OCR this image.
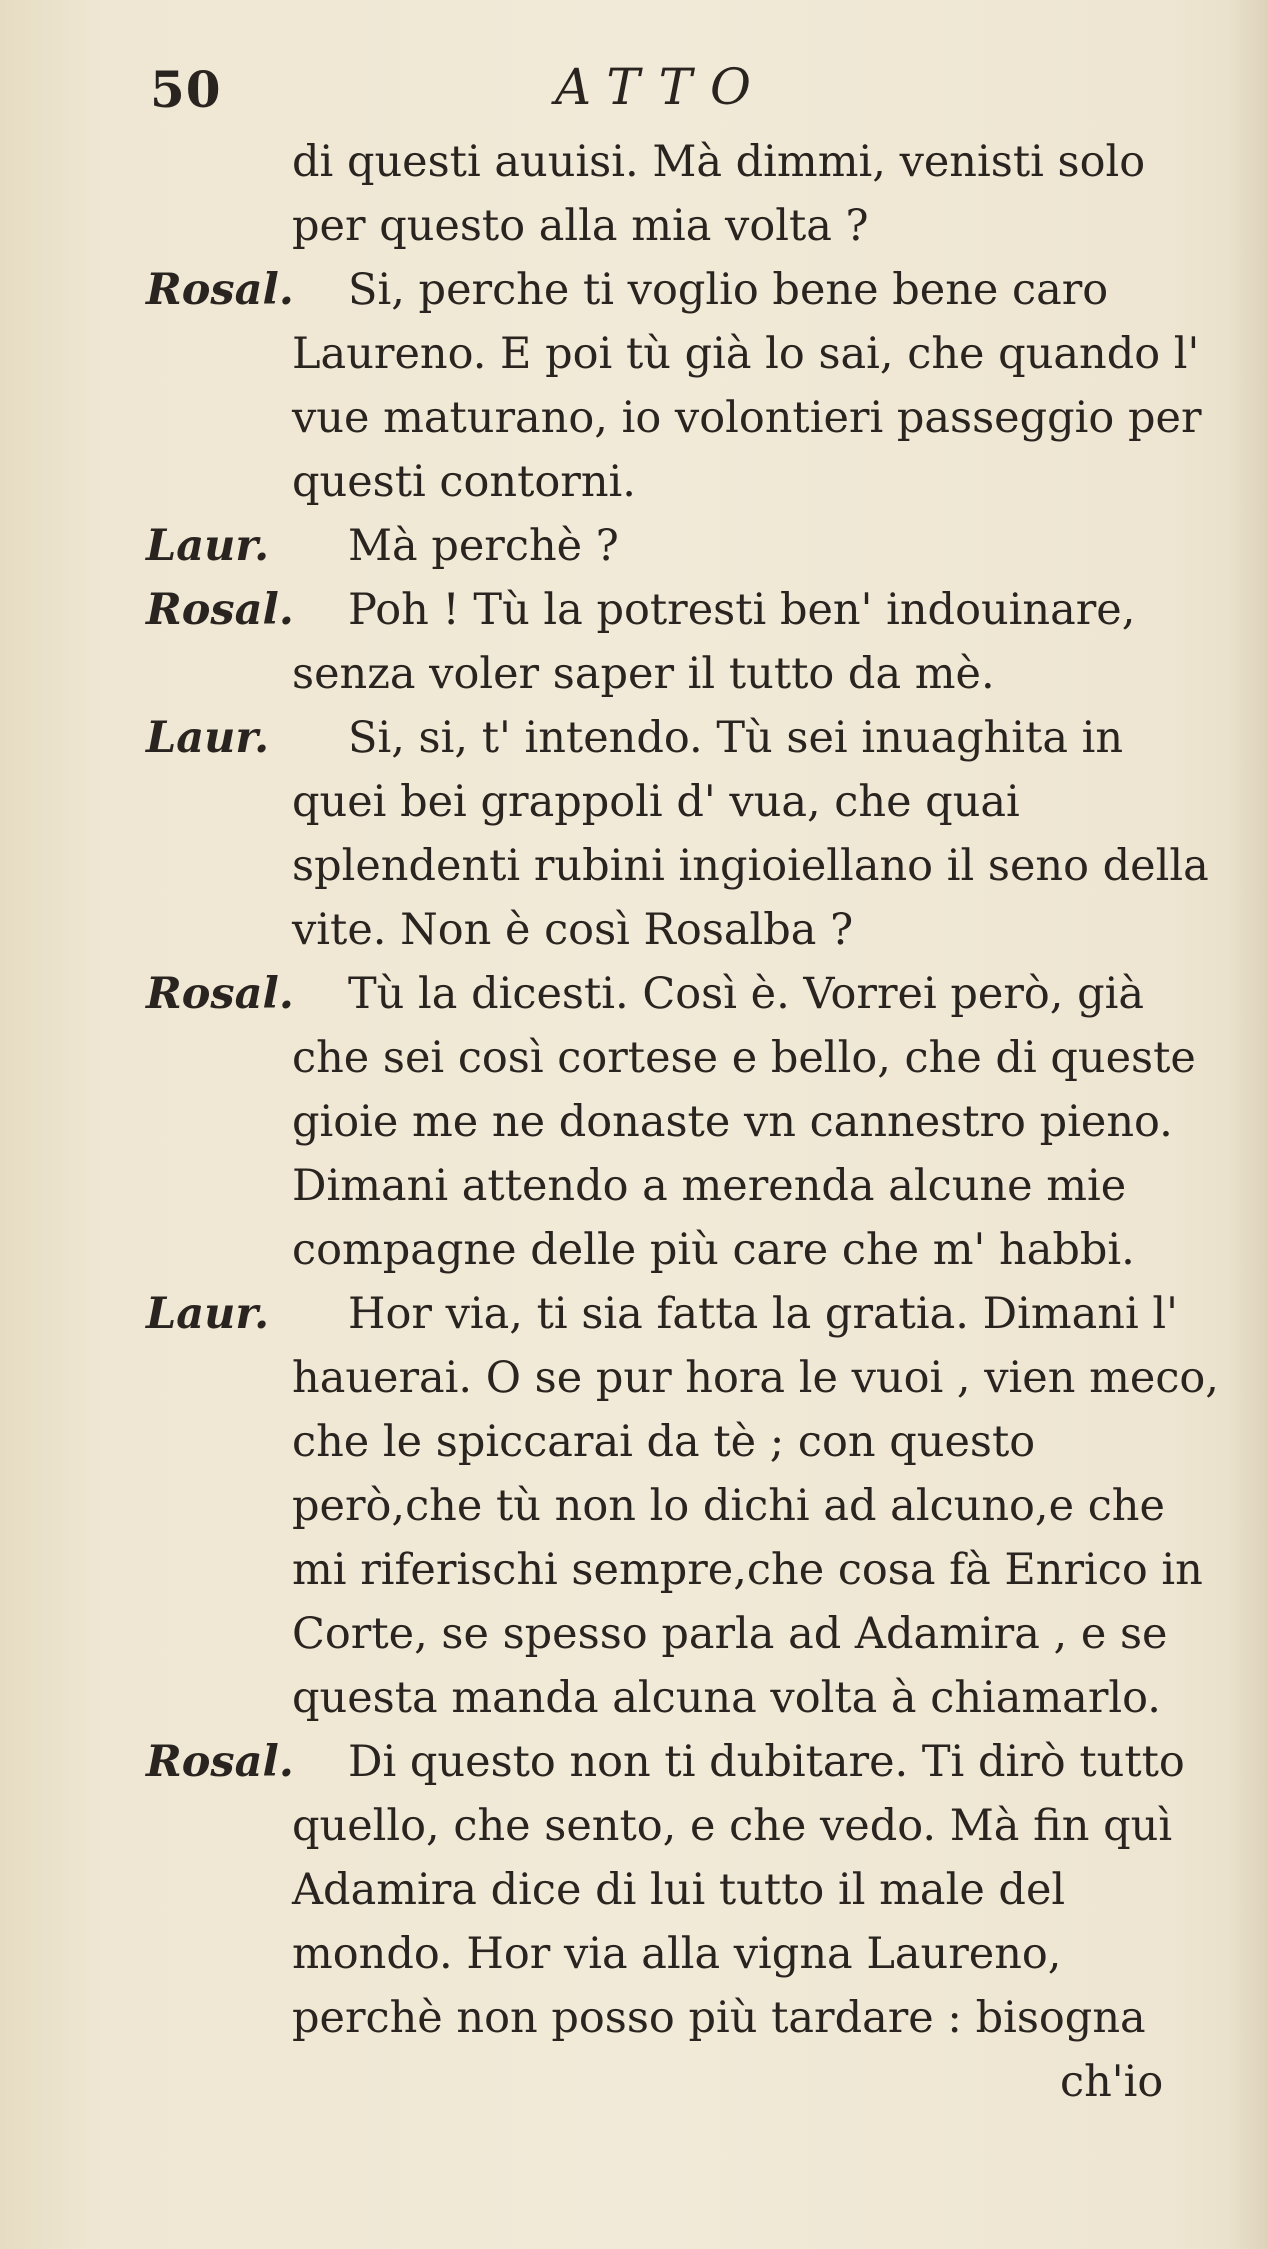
50	ATTO

di questi auuisi. Mà dimmi, venisti solo per questo alla mia volta ?

Rosal.	Si, perche ti voglio bene bene caro Laureno. E poi tù già lo sai, che quando l' vue maturano, io volontieri passeggio per questi contorni.

Laur.	Mà perchè ?

Rosal.	Poh ! Tù la potresti ben' indouinare, senza voler saper il tutto da mè.

Laur.	Si, si, t' intendo. Tù sei inuaghita in quei bei grappoli d' vua, che quai splendenti rubini ingioiellano il seno della vite. Non è così Rosalba ?

Rosal.	Tù la dicesti. Così è. Vorrei però, già che sei così cortese e bello, che di queste gioie me ne donaste vn cannestro pieno. Dimani attendo a merenda alcune mie compagne delle più care che m' habbi.

Laur.	Hor via, ti sia fatta la gratia. Dimani l' hauerai. O se pur hora le vuoi , vien meco, che le spiccarai da tè ; con questo però,che tù non lo dichi ad alcuno,e che mi riferischi sempre,che cosa fà Enrico in Corte, se spesso parla ad Adamira , e se questa manda alcuna volta à chiamarlo.

Rosal.	Di questo non ti dubitare. Ti dirò tutto quello, che sento, e che vedo. Mà fin quì Adamira dice di lui tutto il male del mondo. Hor via alla vigna Laureno, perchè non posso più tardare : bisogna

ch'io
